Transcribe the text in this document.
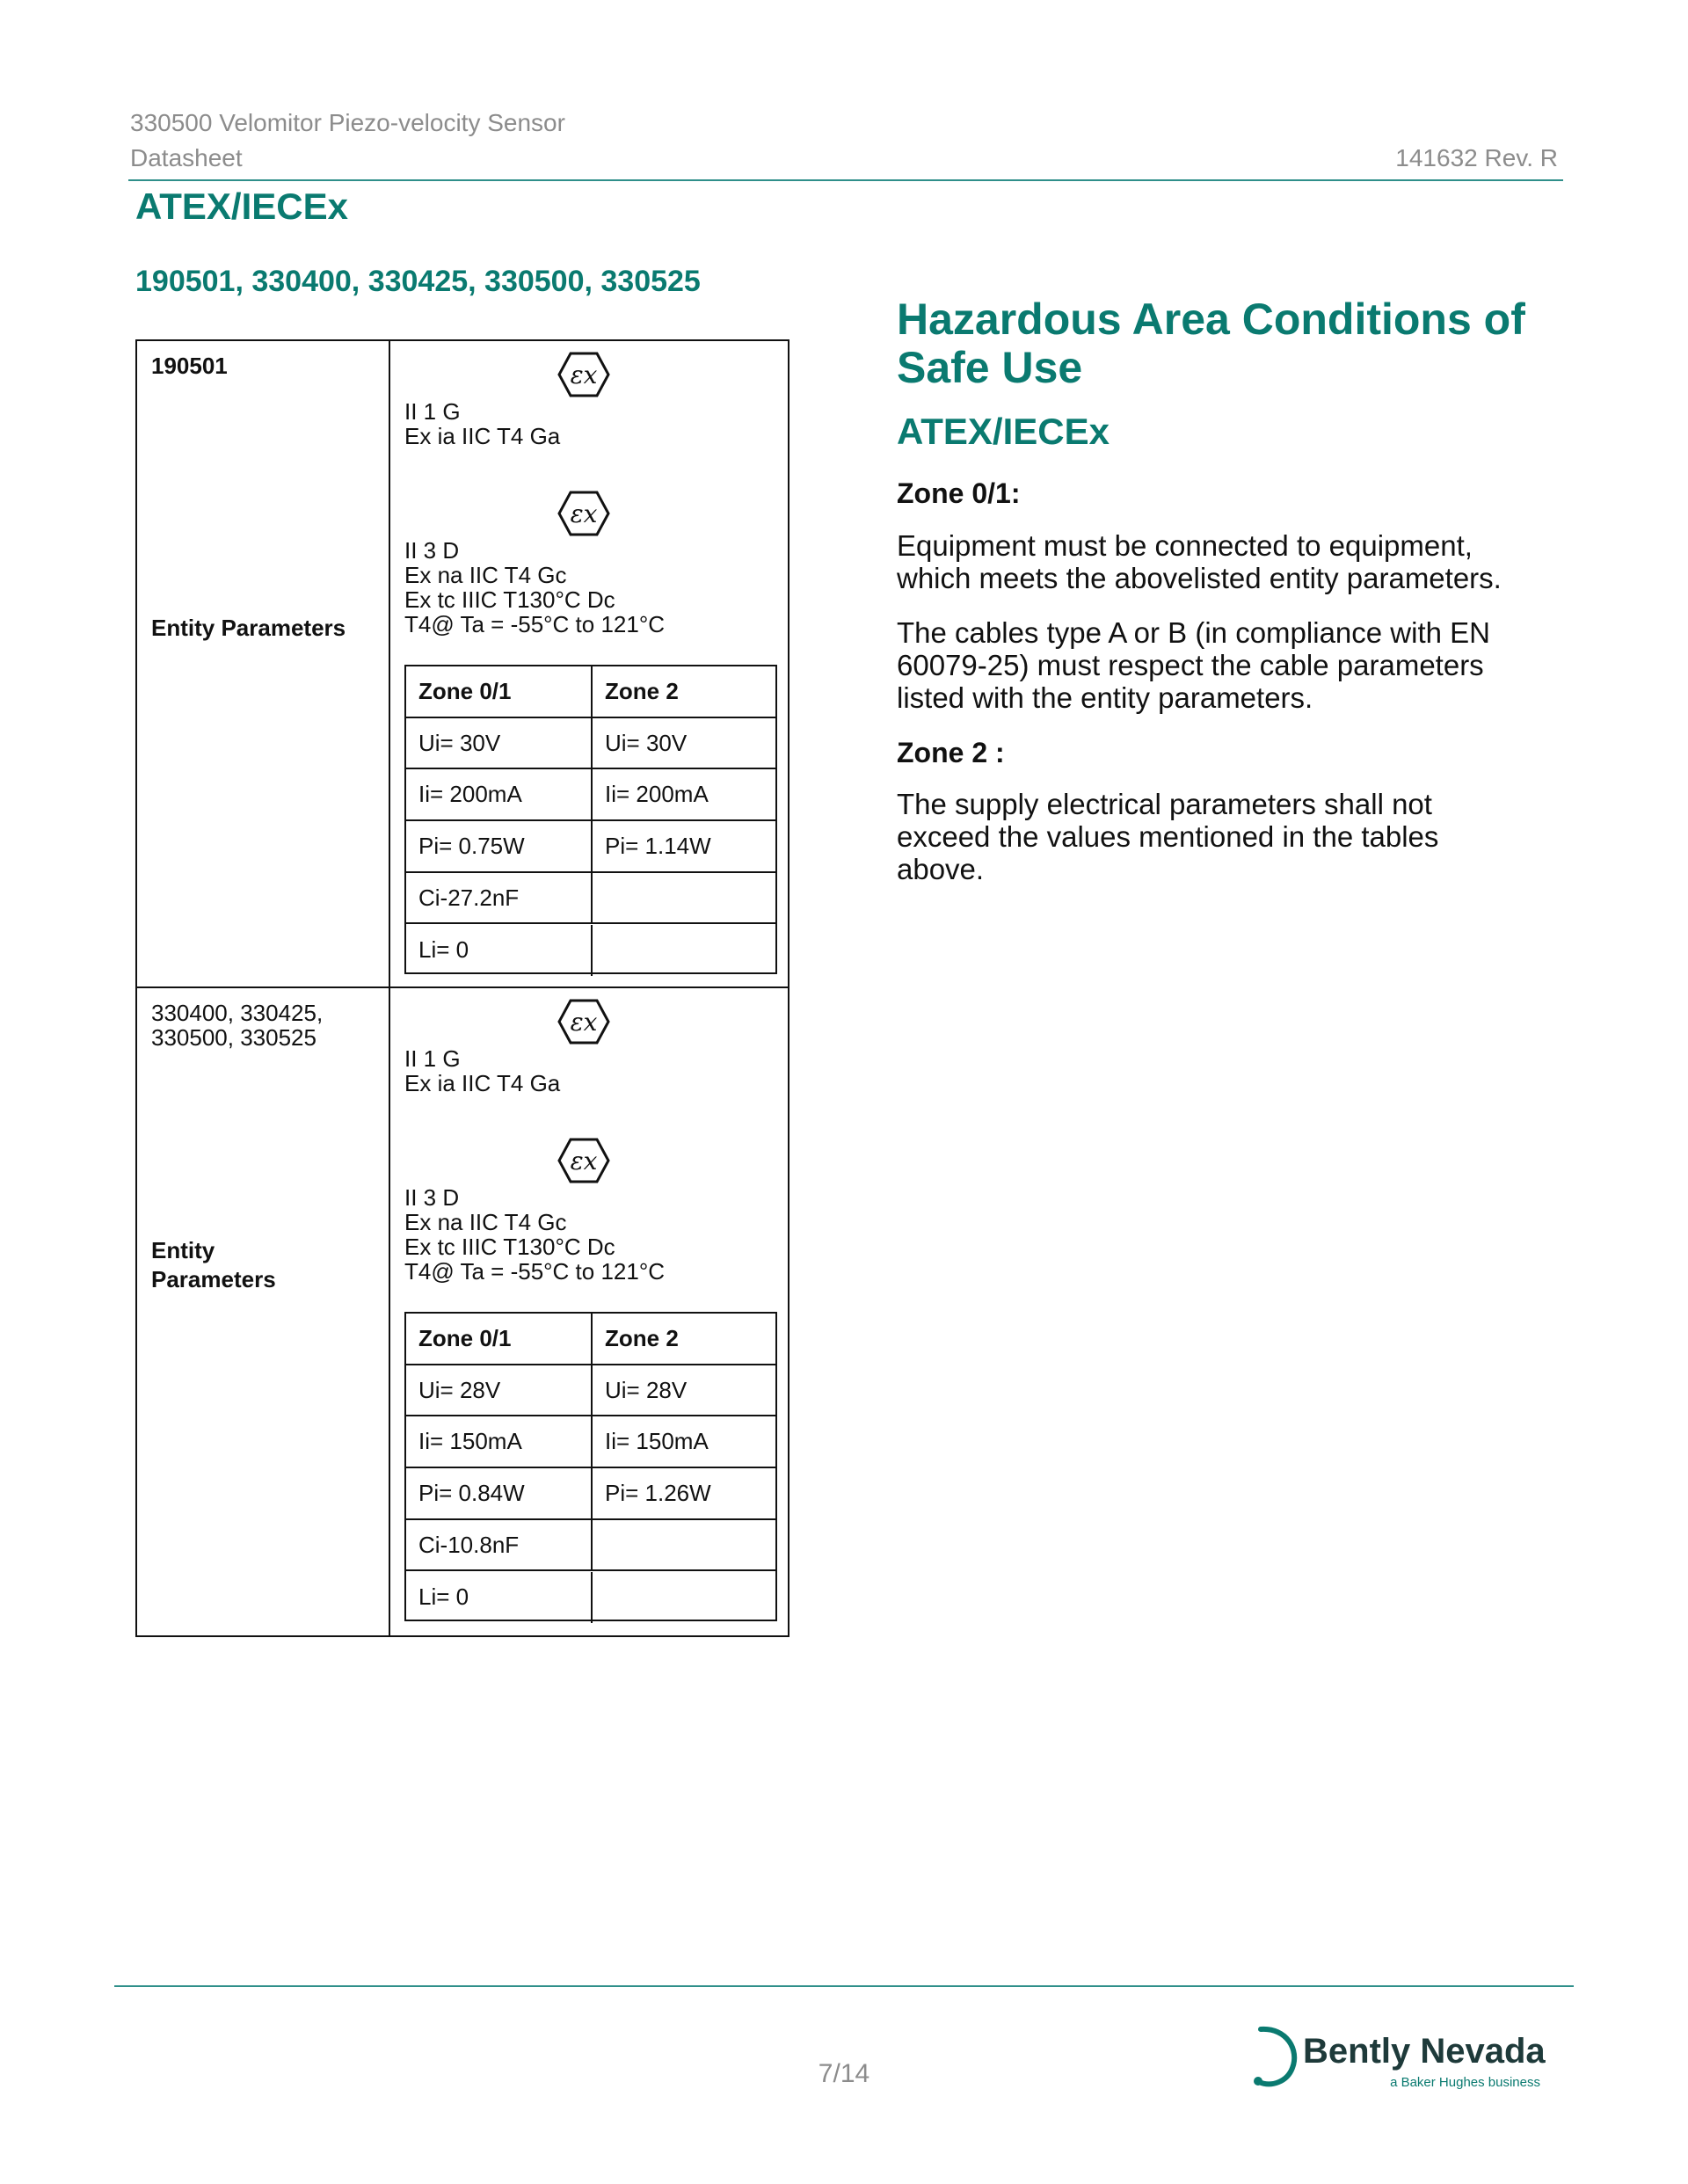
330500 Velomitor Piezo-velocity Sensor
Datasheet	141632 Rev. R
ATEX/IECEx
190501, 330400, 330425, 330500, 330525
190501
Entity Parameters
εx
II 1 G
Ex ia IIC T4 Ga
εx
II 3 D
Ex na IIC T4 Gc
Ex tc IIIC T130°C Dc
T4@ Ta = -55°C to 121°C
Zone 0/1	Zone 2
Ui= 30V	Ui= 30V
Ii= 200mA	Ii= 200mA
Pi= 0.75W	Pi= 1.14W
Ci-27.2nF
Li= 0
330400, 330425,
330500, 330525
Entity
Parameters
εx
II 1 G
Ex ia IIC T4 Ga
εx
II 3 D
Ex na IIC T4 Gc
Ex tc IIIC T130°C Dc
T4@ Ta = -55°C to 121°C
Zone 0/1	Zone 2
Ui= 28V	Ui= 28V
Ii= 150mA	Ii= 150mA
Pi= 0.84W	Pi= 1.26W
Ci-10.8nF
Li= 0
Hazardous Area Conditions of
Safe Use
ATEX/IECEx
Zone 0/1:
Equipment must be connected to equipment,
which meets the abovelisted entity parameters.
The cables type A or B (in compliance with EN
60079-25) must respect the cable parameters
listed with the entity parameters.
Zone 2 :
The supply electrical parameters shall not
exceed the values mentioned in the tables
above.
7/14
Bently Nevada
a Baker Hughes business
